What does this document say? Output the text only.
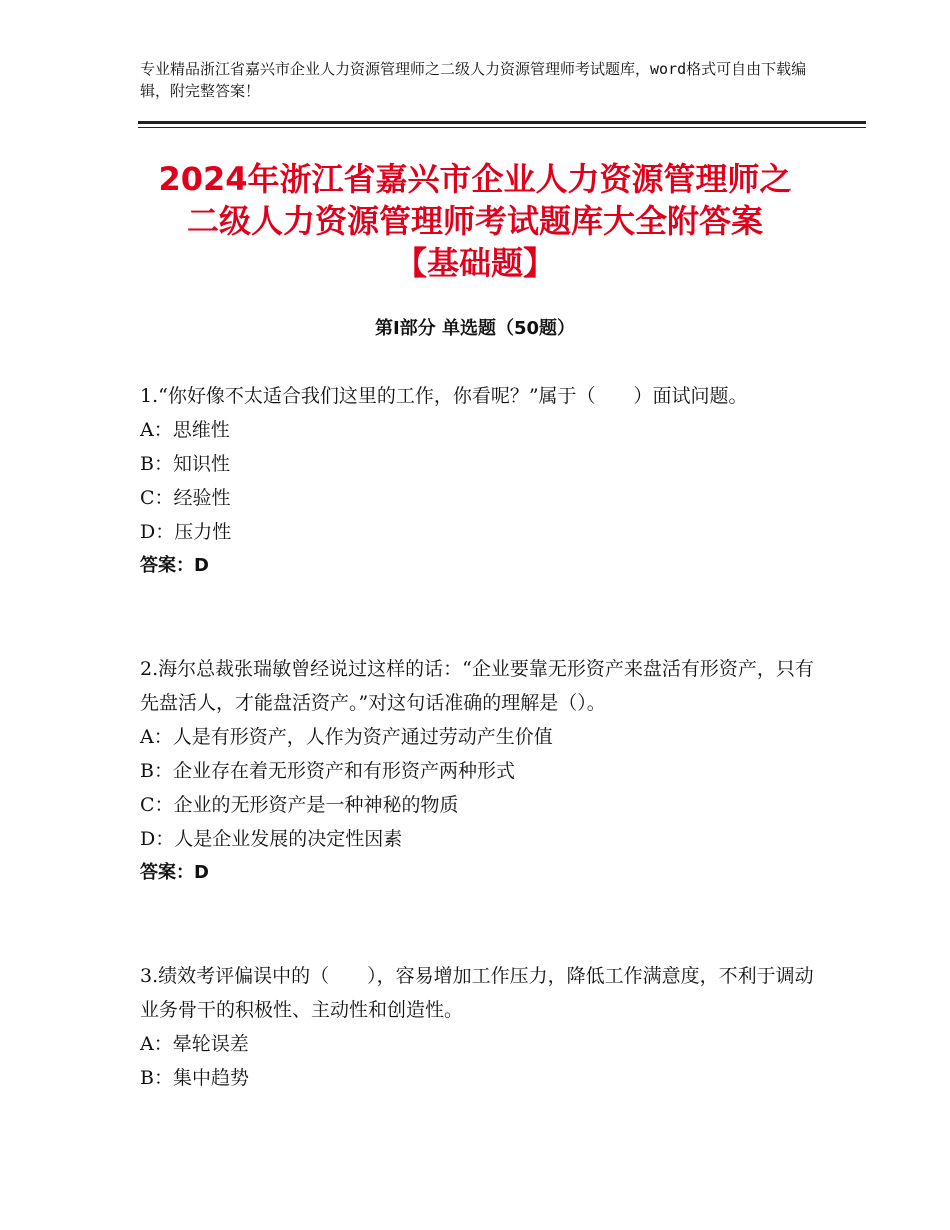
专业精品浙江省嘉兴市企业人力资源管理师之二级人力资源管理师考试题库，word格式可自由下载编辑，附完整答案！
2024年浙江省嘉兴市企业人力资源管理师之
二级人力资源管理师考试题库大全附答案
【基础题】
第Ⅰ部分 单选题（50题）

1.“你好像不太适合我们这里的工作，你看呢？”属于（　　）面试问题。

A：思维性

B：知识性

C：经验性

D：压力性

答案：D

2.海尔总裁张瑞敏曾经说过这样的话：“企业要靠无形资产来盘活有形资产，只有先盘活人，才能盘活资产。”对这句话准确的理解是（）。

A：人是有形资产，人作为资产通过劳动产生价值

B：企业存在着无形资产和有形资产两种形式

C：企业的无形资产是一种神秘的物质

D：人是企业发展的决定性因素

答案：D

3.绩效考评偏误中的（　　），容易增加工作压力，降低工作满意度，不利于调动业务骨干的积极性、主动性和创造性。

A：晕轮误差

B：集中趋势
